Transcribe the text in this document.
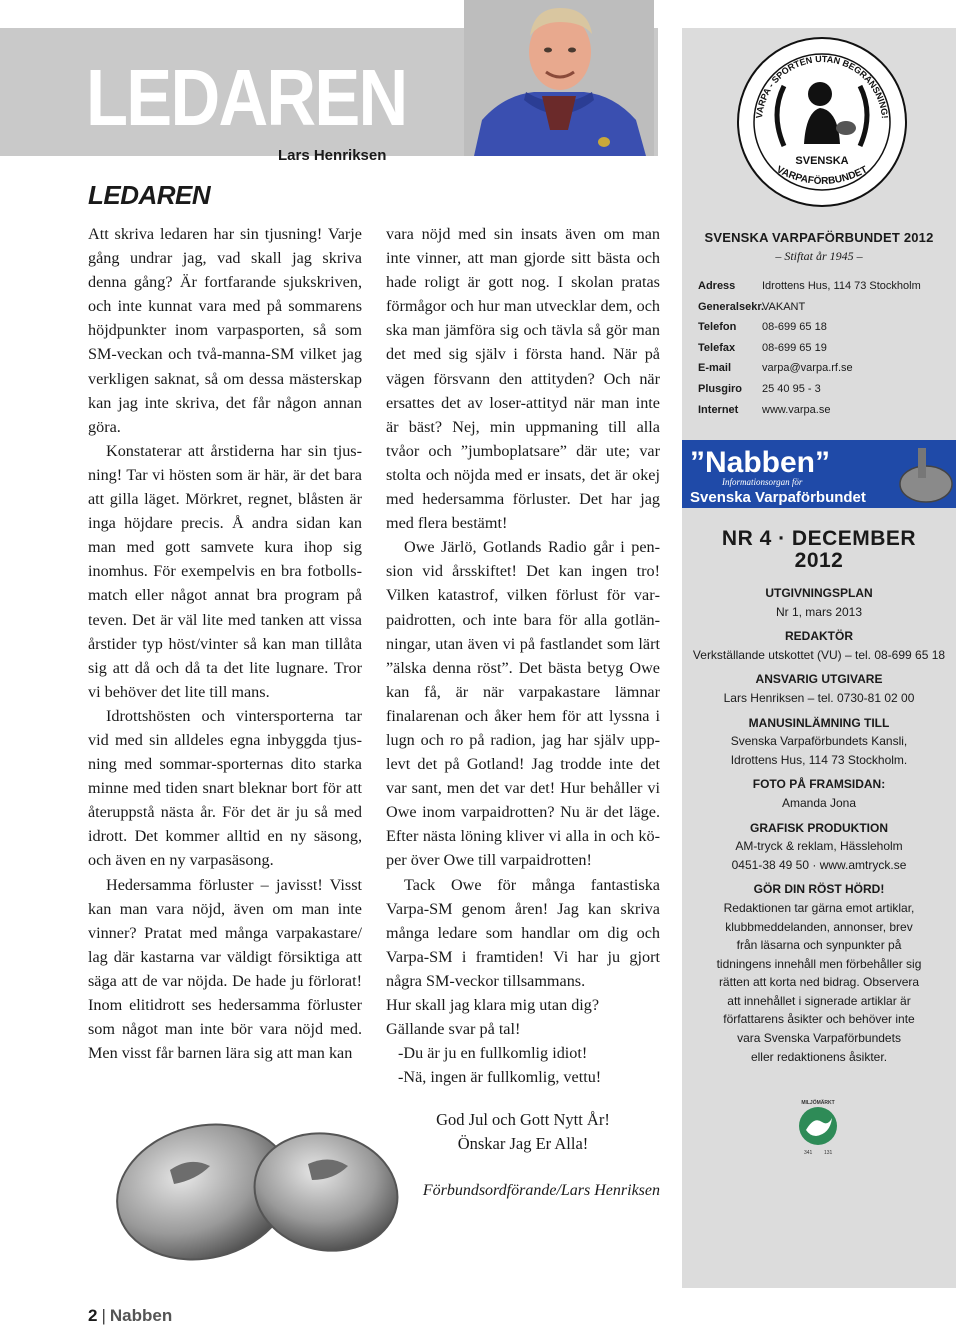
LEDAREN
Lars Henriksen
LEDAREN

Att skriva ledaren har sin tjusning! Varje gång undrar jag, vad skall jag skriva denna gång? Är fortfarande sjukskriven, och inte kunnat vara med på sommarens höjdpunkter inom varpasporten, så som SM-veckan och två-manna-SM vilket jag verkligen saknat, så om dessa mästerskap kan jag inte skriva, det får någon annan göra.

Konstaterar att årstiderna har sin tjusning! Tar vi hösten som är här, är det bara att gilla läget. Mörkret, regnet, blåsten är inga höjdare precis. Å andra sidan kan man med gott samvete kura ihop sig inomhus. För exempelvis en bra fotbollsmatch eller något annat bra program på teven. Det är väl lite med tanken att vissa årstider typ höst/vinter så kan man tillåta sig att då och då ta det lite lugnare. Tror vi behöver det lite till mans.

Idrottshösten och vintersporterna tar vid med sin alldeles egna inbyggda tjusning med sommar-sporternas dito starka minne med tiden snart bleknar bort för att återuppstå nästa år. För det är ju så med idrott. Det kommer alltid en ny säsong, och även en ny varpasäsong.

Hedersamma förluster – javisst! Visst kan man vara nöjd, även om man inte vinner? Pratat med många varpakastare/ lag där kastarna var väldigt försiktiga att säga att de var nöjda. De hade ju förlorat! Inom elitidrott ses hedersamma förluster som något man inte bör vara nöjd med. Men visst får barnen lära sig att man kan

vara nöjd med sin insats även om man inte vinner, att man gjorde sitt bästa och hade roligt är gott nog. I skolan pratas förmågor och hur man utvecklar dem, och ska man jämföra sig och tävla så gör man det med sig själv i första hand. När på vägen försvann den attityden? Och när ersattes det av loser-attityd när man inte är bäst? Nej, min uppmaning till alla tvåor och ”jumboplatsare” där ute; var stolta och nöjda med er insats, det är okej med hedersamma förluster. Det har jag med flera bestämt!

Owe Järlö, Gotlands Radio går i pension vid årsskiftet! Det kan ingen tro! Vilken katastrof, vilken förlust för varpaidrotten, och inte bara för alla gotlänningar, utan även vi på fastlandet som lärt ”älska denna röst”. Det bästa betyg Owe kan få, är när varpakastare lämnar finalarenan och åker hem för att lyssna i lugn och ro på radion, jag har själv upplevt det på Gotland! Jag trodde inte det var sant, men det var det! Hur behåller vi Owe inom varpaidrotten? Nu är det läge. Efter nästa löning kliver vi alla in och köper över Owe till varpaidrotten!

Tack Owe för många fantastiska Varpa-SM genom åren! Jag kan skriva många ledare som handlar om dig och Varpa-SM i framtiden! Vi har ju gjort några SM-veckor tillsammans.

Hur skall jag klara mig utan dig?

Gällande svar på tal!

-Du är ju en fullkomlig idiot!

-Nä, ingen är fullkomlig, vettu!

God Jul och Gott Nytt År!
Önskar Jag Er Alla!
Förbundsordförande/Lars Henriksen
2 | Nabben
VARPA - SPORTEN UTAN BEGRÄNSNING!
SVENSKA
VARPAFÖRBUNDET
SVENSKA VARPAFÖRBUNDET 2012
– Stiftat år 1945 –
Adress Idrottens Hus, 114 73 Stockholm
Generalsekr.
VAKANT
Telefon 08-699 65 18
Telefax 08-699 65 19
E-mail	varpa@varpa.rf.se
Plusgiro 25 40 95 - 3
Internet www.varpa.se
”Nabben”
Informationsorgan för
Svenska Varpaförbundet
NR 4 · DECEMBER
2012
UTGIVNINGSPLAN
Nr 1, mars 2013
REDAKTÖR
Verkställande utskottet (VU) – tel. 08-699 65 18
ANSVARIG UTGIVARE
Lars Henriksen – tel. 0730-81 02 00
MANUSINLÄMNING TILL
Svenska Varpaförbundets Kansli,
Idrottens Hus, 114 73 Stockholm.
FOTO PÅ FRAMSIDAN:
Amanda Jona
GRAFISK PRODUKTION
AM-tryck & reklam, Hässleholm
0451-38 49 50 · www.amtryck.se
GÖR DIN RÖST HÖRD!
Redaktionen tar gärna emot artiklar,
klubbmeddelanden, annonser, brev
från läsarna och synpunkter på
tidningens innehåll men förbehåller sig
rätten att korta ned bidrag. Observera
att innehållet i signerade artiklar är
författarens åsikter och behöver inte
vara Svenska Varpaförbundets
eller redaktionens åsikter.
MILJÖMÄRKT
341 131
